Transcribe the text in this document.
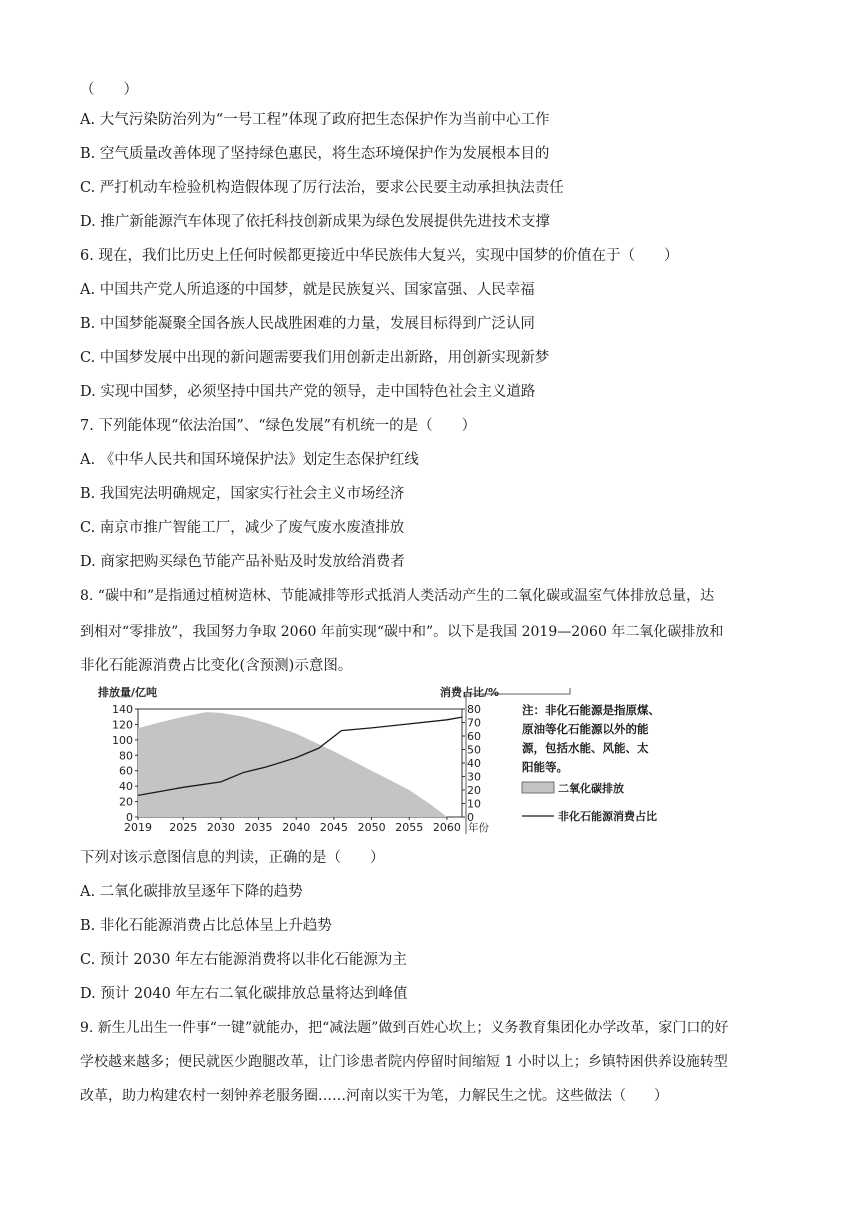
（　　）
A. 大气污染防治列为“一号工程”体现了政府把生态保护作为当前中心工作
B. 空气质量改善体现了坚持绿色惠民，将生态环境保护作为发展根本目的
C. 严打机动车检验机构造假体现了厉行法治，要求公民要主动承担执法责任
D. 推广新能源汽车体现了依托科技创新成果为绿色发展提供先进技术支撑
6. 现在，我们比历史上任何时候都更接近中华民族伟大复兴，实现中国梦的价值在于（　　）
A. 中国共产党人所追逐的中国梦，就是民族复兴、国家富强、人民幸福
B. 中国梦能凝聚全国各族人民战胜困难的力量，发展目标得到广泛认同
C. 中国梦发展中出现的新问题需要我们用创新走出新路，用创新实现新梦
D. 实现中国梦，必须坚持中国共产党的领导，走中国特色社会主义道路
7. 下列能体现“依法治国”、“绿色发展”有机统一的是（　　）
A. 《中华人民共和国环境保护法》划定生态保护红线
B. 我国宪法明确规定，国家实行社会主义市场经济
C. 南京市推广智能工厂，减少了废气废水废渣排放
D. 商家把购买绿色节能产品补贴及时发放给消费者
8. “碳中和”是指通过植树造林、节能减排等形式抵消人类活动产生的二氧化碳或温室气体排放总量，达
到相对“零排放”，我国努力争取 2060 年前实现“碳中和”。以下是我国 2019—2060 年二氧化碳排放和
非化石能源消费占比变化(含预测)示意图。
0
20
40
60
80
100
120
140
0
10
20
30
40
50
60
70
80
2019 2025 2030 2035 2040 2045 2050 2055 2060 年份
排放量/亿吨	消费占比/%
二氧化碳排放
非化石能源消费占比
注：非化石能源是指原煤、
原油等化石能源以外的能
源，包括水能、风能、太
阳能等。
下列对该示意图信息的判读，正确的是（　　）
A. 二氧化碳排放呈逐年下降的趋势
B. 非化石能源消费占比总体呈上升趋势
C. 预计 2030 年左右能源消费将以非化石能源为主
D. 预计 2040 年左右二氧化碳排放总量将达到峰值
9. 新生儿出生一件事“一键”就能办，把“减法题”做到百姓心坎上；义务教育集团化办学改革，家门口的好
学校越来越多；便民就医少跑腿改革，让门诊患者院内停留时间缩短 1 小时以上；乡镇特困供养设施转型
改革，助力构建农村一刻钟养老服务圈……河南以实干为笔，力解民生之忧。这些做法（　　）
